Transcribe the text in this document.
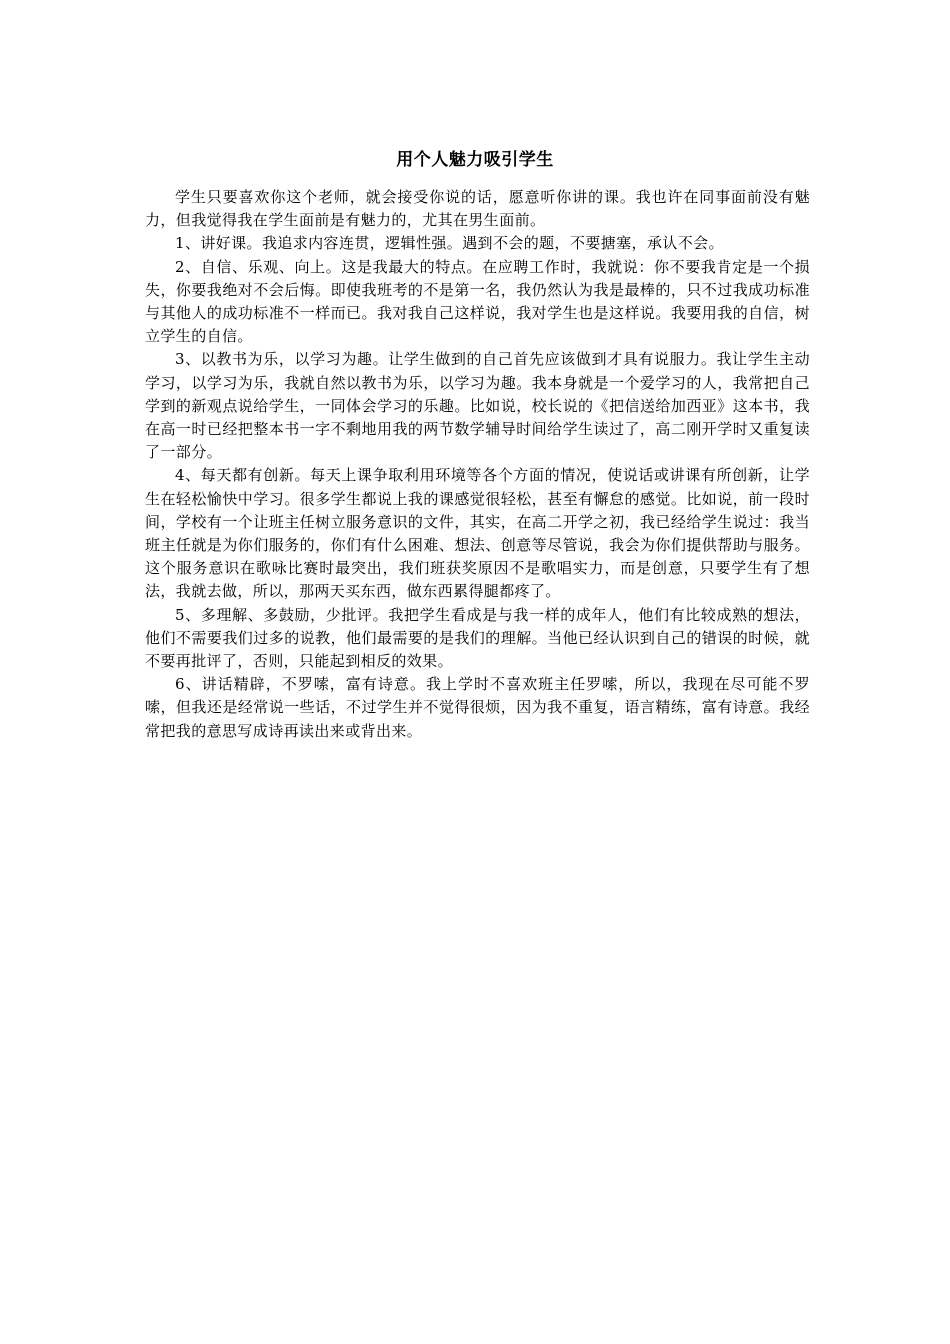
用个人魅力吸引学生

学生只要喜欢你这个老师，就会接受你说的话，愿意听你讲的课。我也许在同事面前没有魅力，但我觉得我在学生面前是有魅力的，尤其在男生面前。

1、讲好课。我追求内容连贯，逻辑性强。遇到不会的题，不要搪塞，承认不会。

2、自信、乐观、向上。这是我最大的特点。在应聘工作时，我就说：你不要我肯定是一个损失，你要我绝对不会后悔。即使我班考的不是第一名，我仍然认为我是最棒的，只不过我成功标准与其他人的成功标准不一样而已。我对我自己这样说，我对学生也是这样说。我要用我的自信，树立学生的自信。

3、以教书为乐，以学习为趣。让学生做到的自己首先应该做到才具有说服力。我让学生主动学习，以学习为乐，我就自然以教书为乐，以学习为趣。我本身就是一个爱学习的人，我常把自己学到的新观点说给学生，一同体会学习的乐趣。比如说，校长说的《把信送给加西亚》这本书，我在高一时已经把整本书一字不剩地用我的两节数学辅导时间给学生读过了，高二刚开学时又重复读了一部分。

4、每天都有创新。每天上课争取利用环境等各个方面的情况，使说话或讲课有所创新，让学生在轻松愉快中学习。很多学生都说上我的课感觉很轻松，甚至有懈怠的感觉。比如说，前一段时间，学校有一个让班主任树立服务意识的文件，其实，在高二开学之初，我已经给学生说过：我当班主任就是为你们服务的，你们有什么困难、想法、创意等尽管说，我会为你们提供帮助与服务。这个服务意识在歌咏比赛时最突出，我们班获奖原因不是歌唱实力，而是创意，只要学生有了想法，我就去做，所以，那两天买东西，做东西累得腿都疼了。

5、多理解、多鼓励，少批评。我把学生看成是与我一样的成年人，他们有比较成熟的想法，他们不需要我们过多的说教，他们最需要的是我们的理解。当他已经认识到自己的错误的时候，就不要再批评了，否则，只能起到相反的效果。

6、讲话精辟，不罗嗦，富有诗意。我上学时不喜欢班主任罗嗦，所以，我现在尽可能不罗嗦，但我还是经常说一些话，不过学生并不觉得很烦，因为我不重复，语言精练，富有诗意。我经常把我的意思写成诗再读出来或背出来。
